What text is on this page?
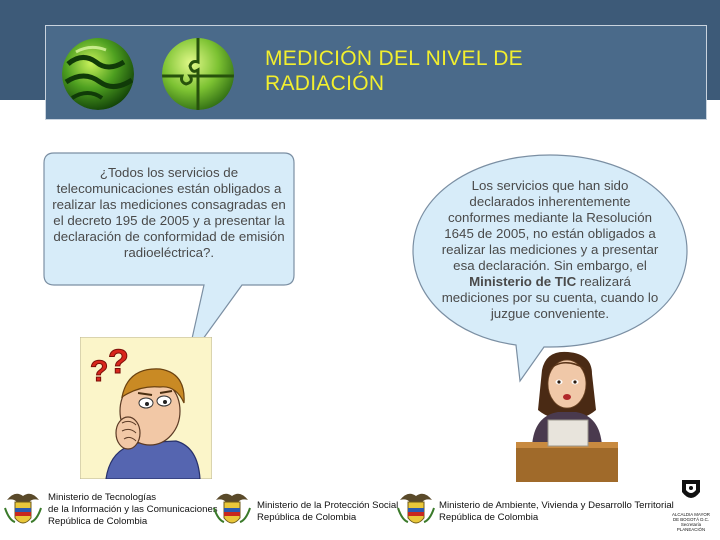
MEDICIÓN DEL NIVEL DE
RADIACIÓN
¿Todos los servicios de telecomunicaciones están obligados a realizar las mediciones consagradas en el decreto 195 de 2005 y a presentar la declaración de conformidad de emisión radioeléctrica?.
Los servicios que han sido declarados inherentemente conformes mediante la Resolución 1645 de 2005, no están obligados a realizar las mediciones y a presentar esa declaración. Sin embargo, el Ministerio de TIC realizará mediciones por su cuenta, cuando lo juzgue conveniente.
? ?
Ministerio de Tecnologías
de la Información y las Comunicaciones
República de Colombia
Ministerio de la Protección Social
República de Colombia
Ministerio de Ambiente, Vivienda y Desarrollo Territorial
República de Colombia	ALCALDIA MAYOR
DE BOGOTÁ D.C.
Secretaría
PLANEACIÓN
